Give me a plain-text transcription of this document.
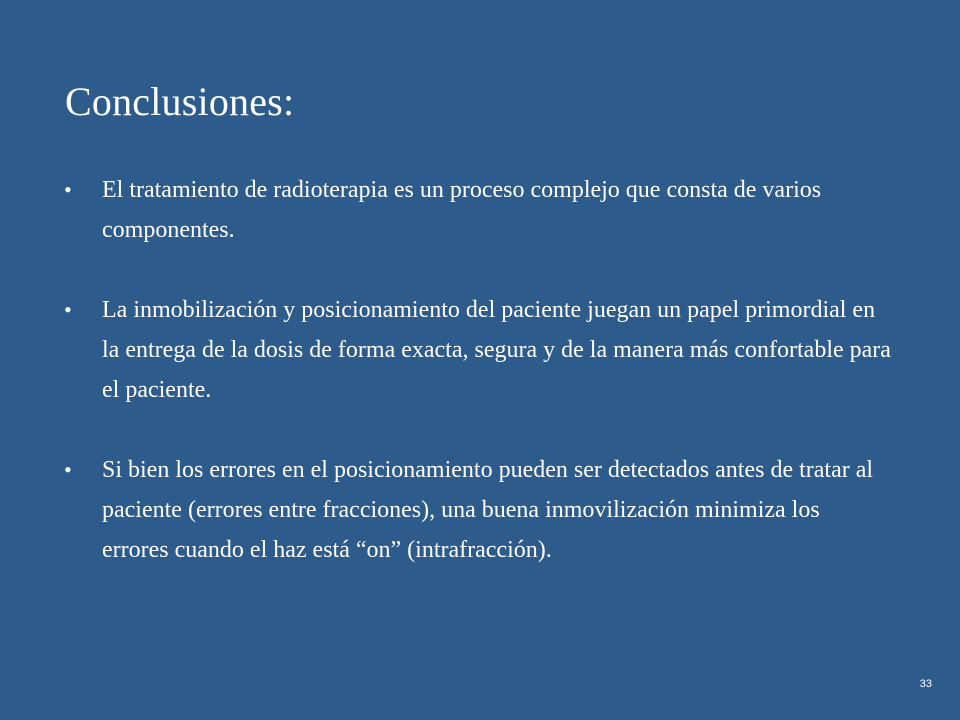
Conclusiones:
• El tratamiento de radioterapia es un proceso complejo que consta de varios componentes.
• La inmobilización y posicionamiento del paciente juegan un papel primordial en la entrega de la dosis de forma exacta, segura y de la manera más confortable para el paciente.
• Si bien los errores en el posicionamiento pueden ser detectados antes de tratar al paciente (errores entre fracciones), una buena inmovilización minimiza los errores cuando el haz está “on” (intrafracción).
33
